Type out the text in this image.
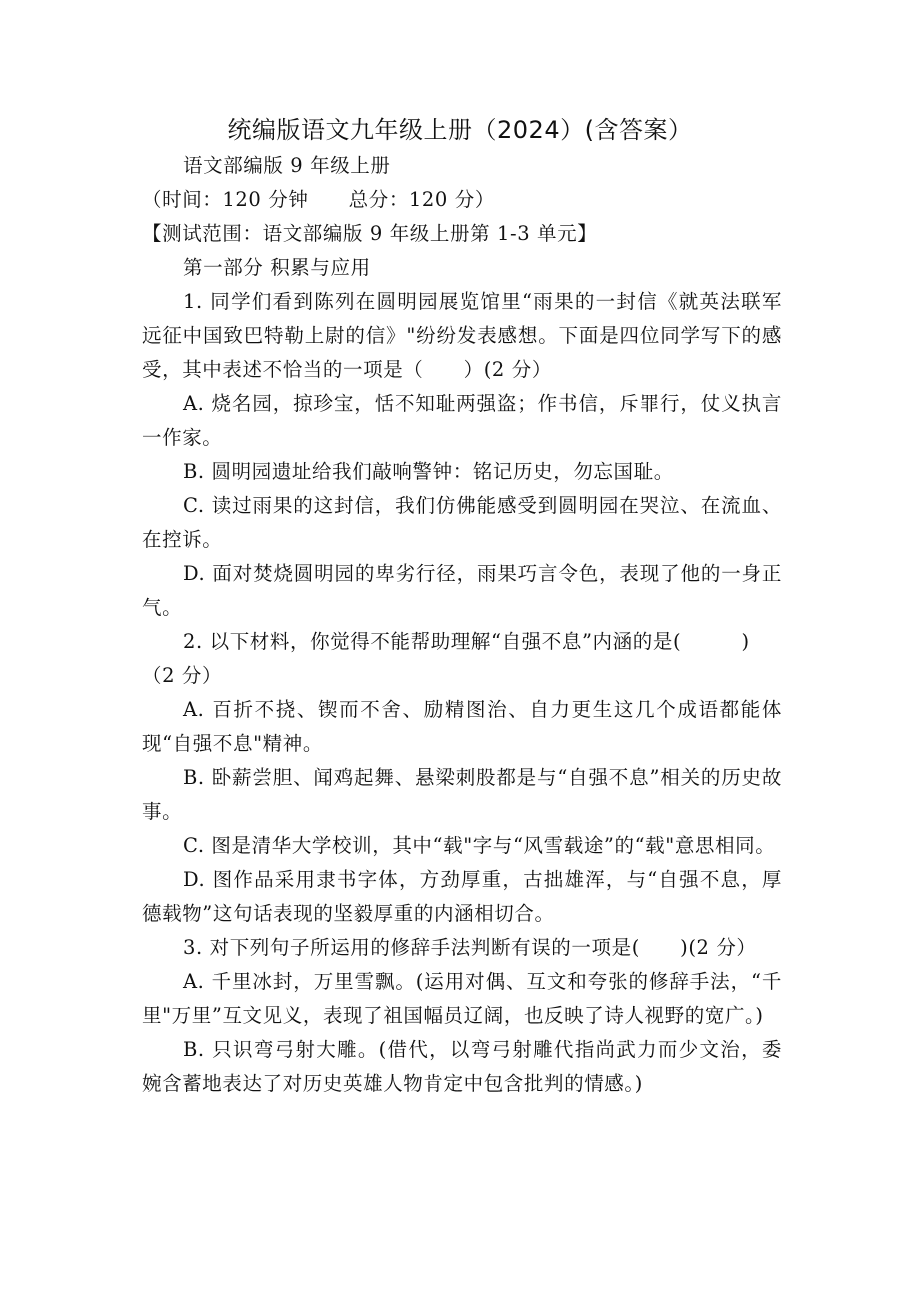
统编版语文九年级上册（2024）(含答案）

语文部编版 9 年级上册

（时间：120 分钟　　总分：120 分）

【测试范围：语文部编版 9 年级上册第 1-3 单元】

第一部分 积累与应用

1. 同学们看到陈列在圆明园展览馆里“雨果的一封信《就英法联军远征中国致巴特勒上尉的信》"纷纷发表感想。下面是四位同学写下的感受，其中表述不恰当的一项是（　　）(2 分）

A. 烧名园，掠珍宝，恬不知耻两强盗；作书信，斥罪行，仗义执言一作家。

B. 圆明园遗址给我们敲响警钟：铭记历史，勿忘国耻。

C. 读过雨果的这封信，我们仿佛能感受到圆明园在哭泣、在流血、在控诉。

D. 面对焚烧圆明园的卑劣行径，雨果巧言令色，表现了他的一身正气。

2. 以下材料，你觉得不能帮助理解“自强不息”内涵的是(　　　)

（2 分）

A. 百折不挠、锲而不舍、励精图治、自力更生这几个成语都能体现“自强不息"精神。

B. 卧薪尝胆、闻鸡起舞、悬梁刺股都是与“自强不息”相关的历史故事。

C. 图是清华大学校训，其中“载"字与“风雪载途”的“载"意思相同。

D. 图作品采用隶书字体，方劲厚重，古拙雄浑，与“自强不息，厚德载物”这句话表现的坚毅厚重的内涵相切合。

3. 对下列句子所运用的修辞手法判断有误的一项是(　　)(2 分）

A. 千里冰封，万里雪飘。(运用对偶、互文和夸张的修辞手法，“千里"万里”互文见义，表现了祖国幅员辽阔，也反映了诗人视野的宽广。)

B. 只识弯弓射大雕。(借代，以弯弓射雕代指尚武力而少文治，委婉含蓄地表达了对历史英雄人物肯定中包含批判的情感。)
